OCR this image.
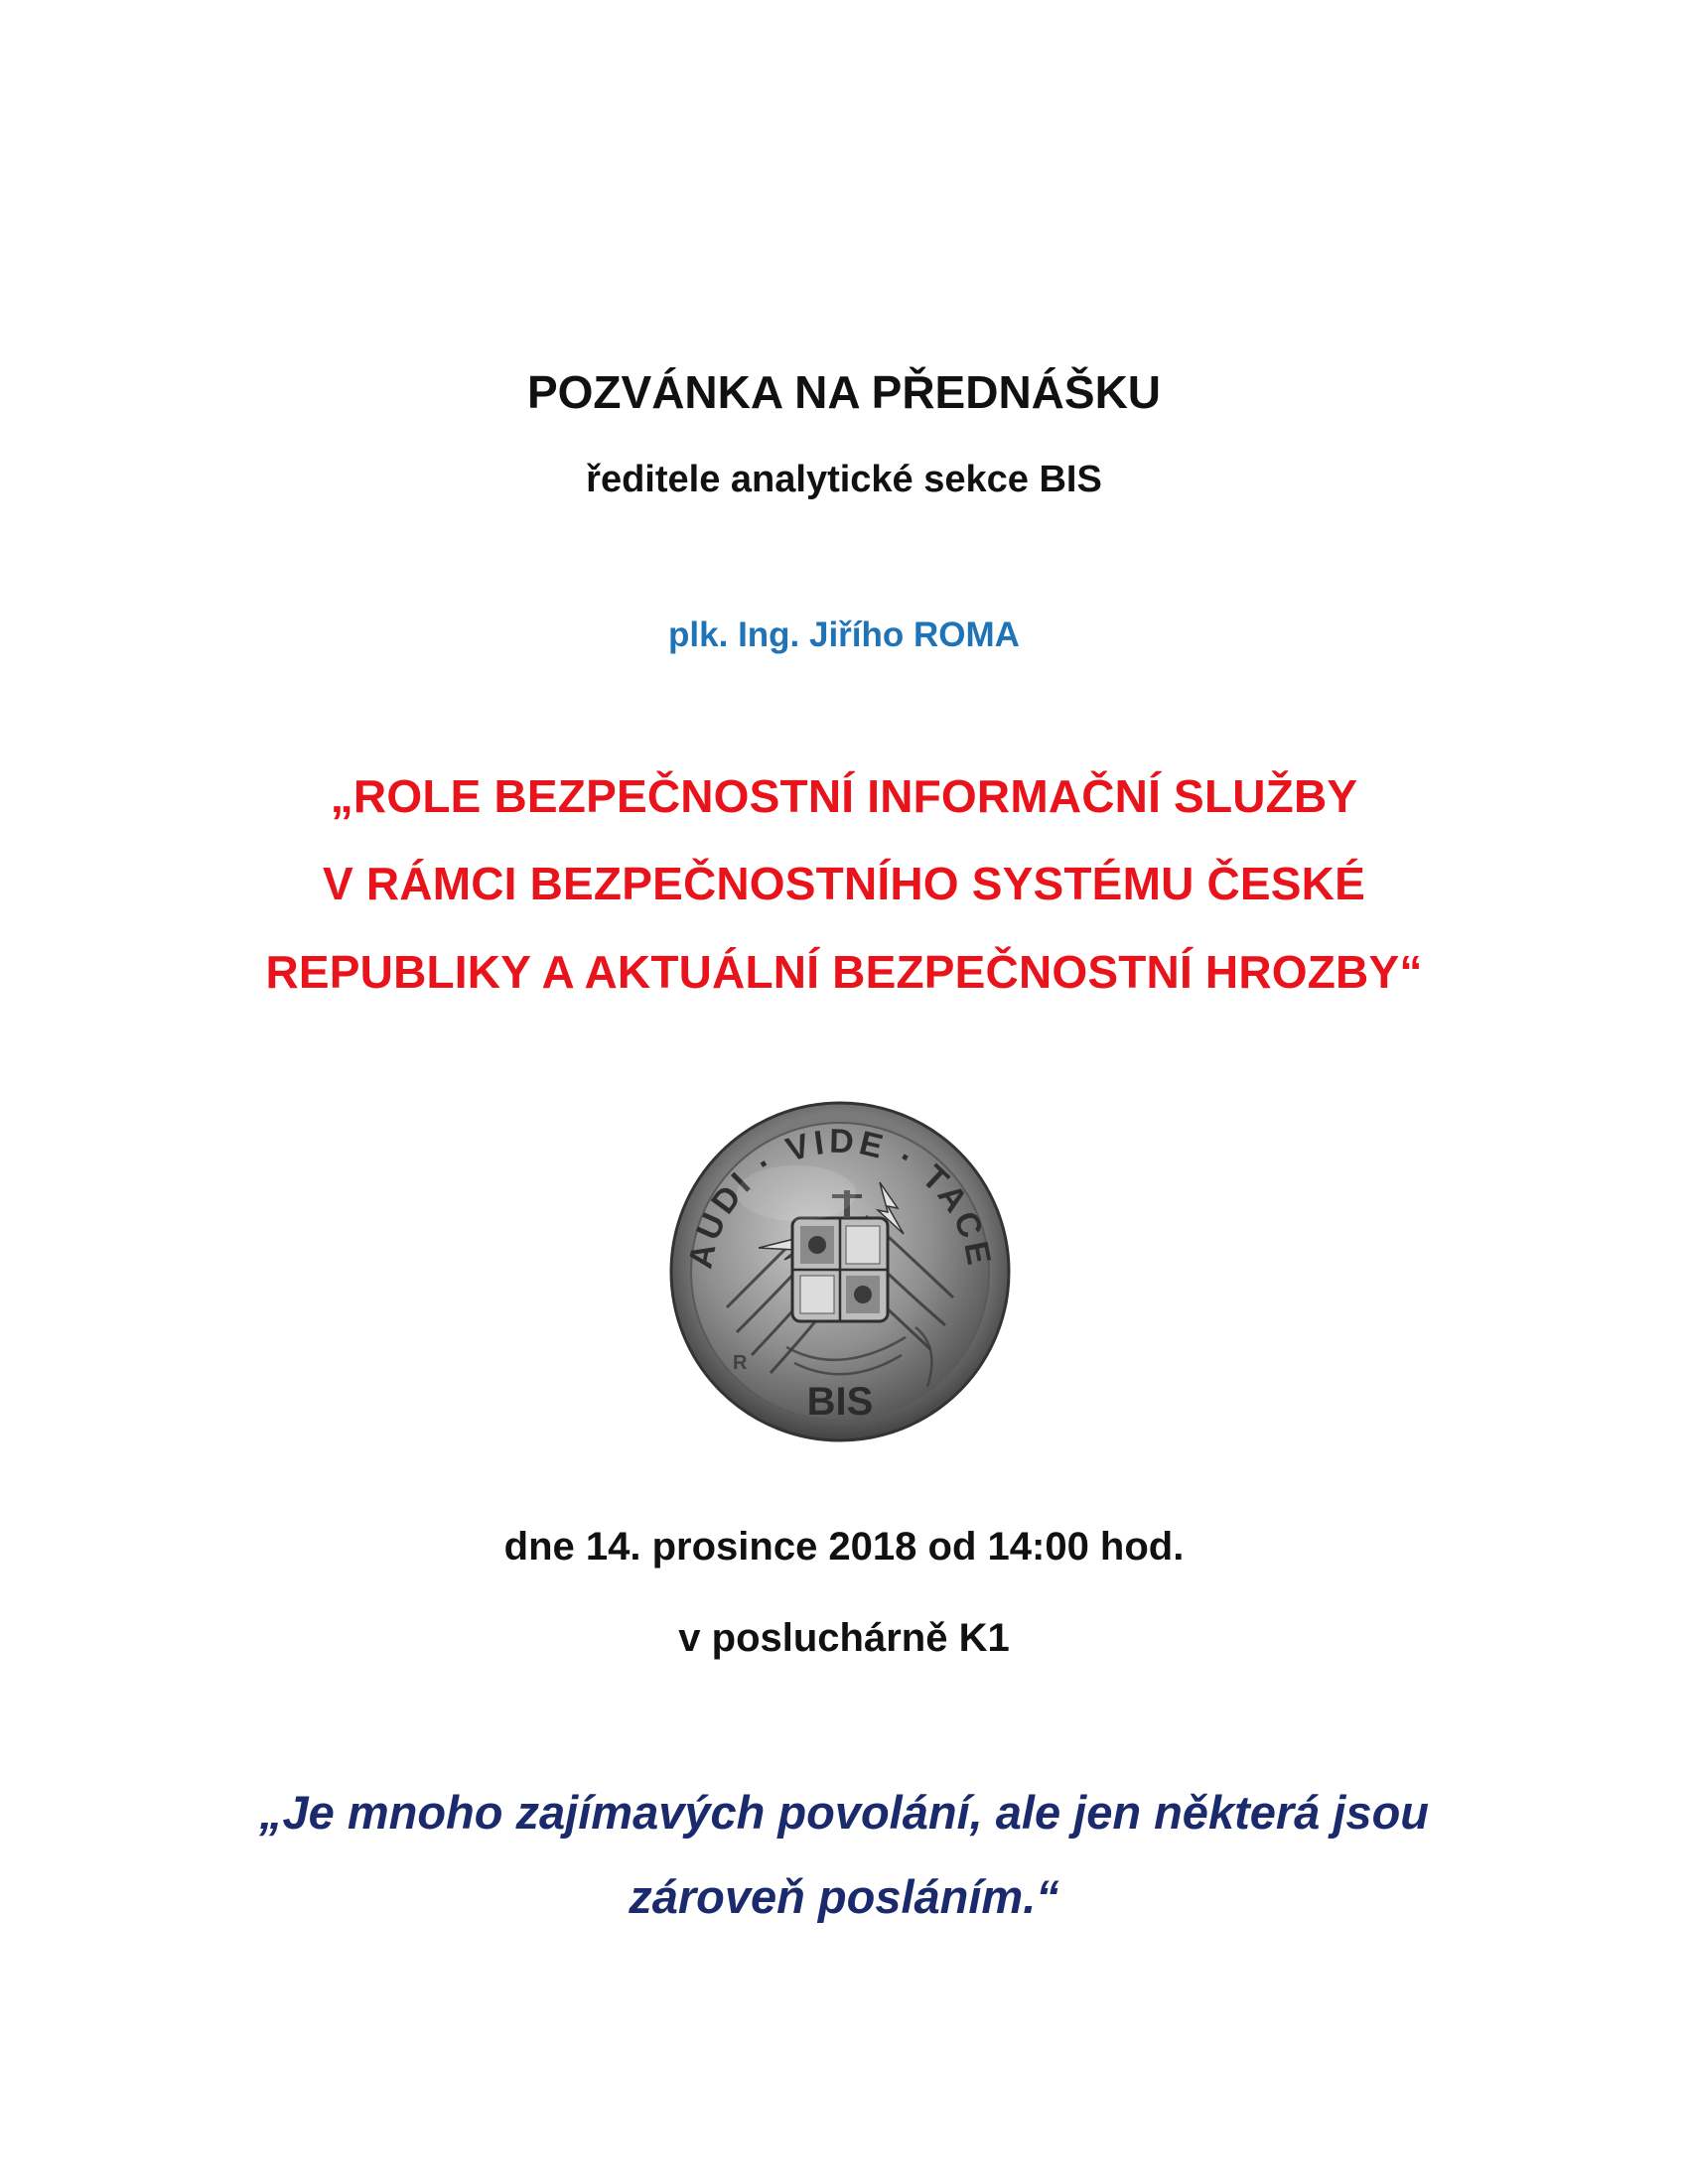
POZVÁNKA NA PŘEDNÁŠKU
ředitele analytické sekce BIS
plk. Ing. Jiřího ROMA
„ROLE BEZPEČNOSTNÍ INFORMAČNÍ SLUŽBY
V RÁMCI BEZPEČNOSTNÍHO SYSTÉMU ČESKÉ
REPUBLIKY A AKTUÁLNÍ BEZPEČNOSTNÍ HROZBY“
AUDI · VIDE · TACE
BIS
R
dne 14. prosince 2018 od 14:00 hod.
v posluchárně K1
„Je mnoho zajímavých povolání, ale jen některá jsou
zároveň posláním.“
